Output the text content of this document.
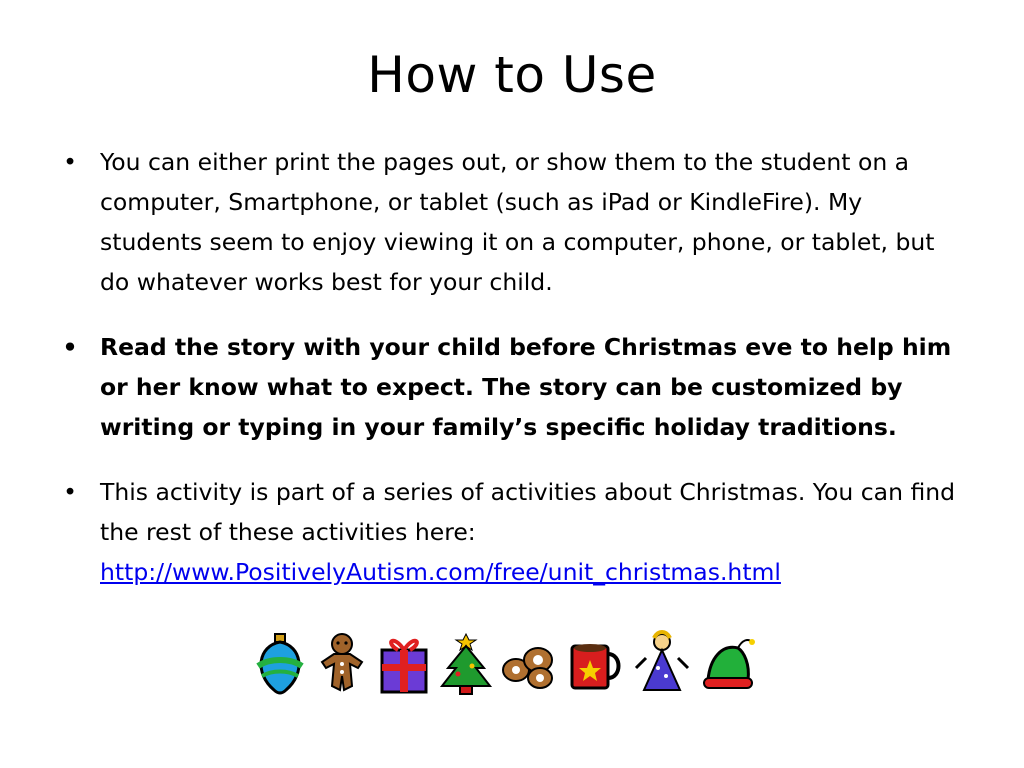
How to Use
• You can either print the pages out, or show them to the student on a computer, Smartphone, or tablet (such as iPad or KindleFire). My students seem to enjoy viewing it on a computer, phone, or tablet, but do whatever works best for your child.
• Read the story with your child before Christmas eve to help him or her know what to expect. The story can be customized by writing or typing in your family’s specific holiday traditions.
• This activity is part of a series of activities about Christmas. You can find the rest of these activities here: http://www.PositivelyAutism.com/free/unit_christmas.html
